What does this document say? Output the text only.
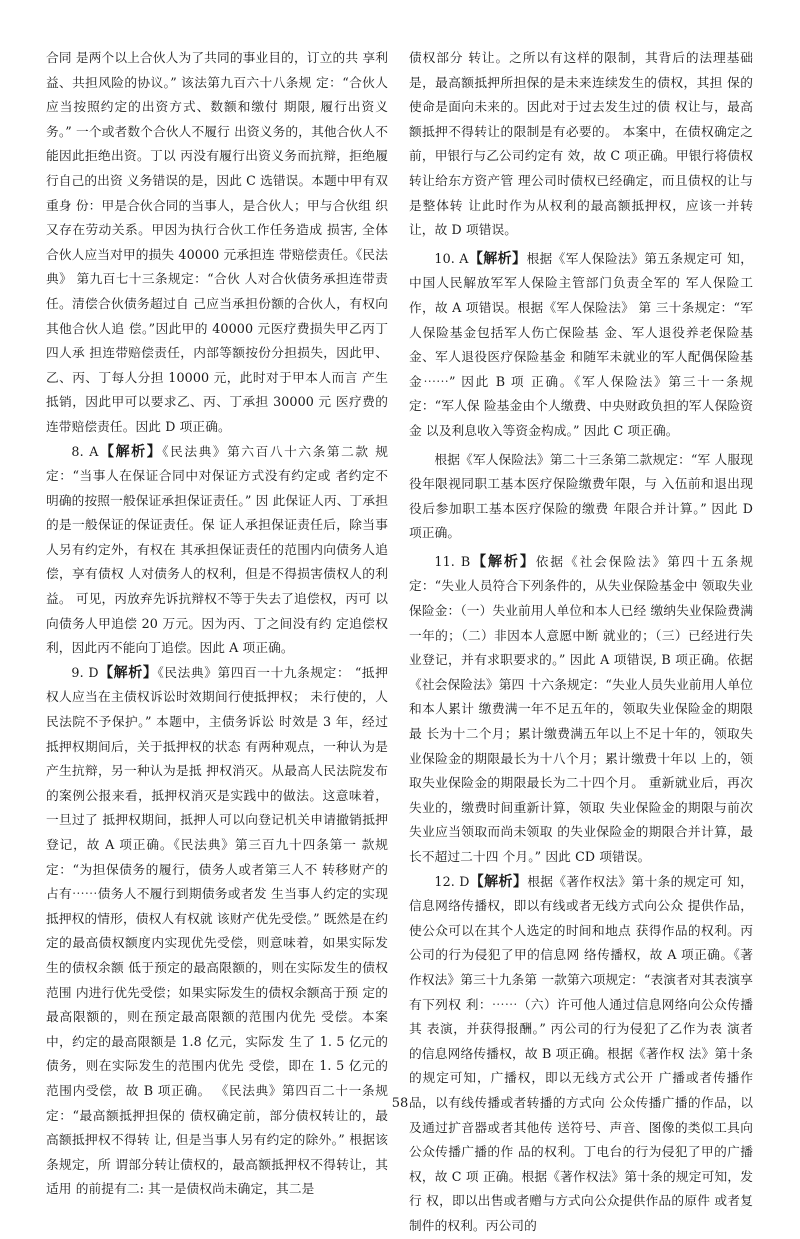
合同 是两个以上合伙人为了共同的事业目的，订立的共 享利益、共担风险的协议。” 该法第九百六十八条规 定：“合伙人应当按照约定的出资方式、数额和缴付 期限, 履行出资义务。” 一个或者数个合伙人不履行 出资义务的，其他合伙人不能因此拒绝出资。丁以 丙没有履行出资义务而抗辩，拒绝履行自己的出资 义务错误的是，因此 C 选错误。本题中甲有双重身 份：甲是合伙合同的当事人，是合伙人；甲与合伙组 织又存在劳动关系。甲因为执行合伙工作任务造成 损害, 全体合伙人应当对甲的损失 40000 元承担连 带赔偿责任。《民法典》 第九百七十三条规定：“合伙 人对合伙债务承担连带责任。清偿合伙债务超过自 己应当承担份额的合伙人，有权向其他合伙人追 偿。”因此甲的 40000 元医疗费损失甲乙丙丁四人承 担连带赔偿责任，内部等额按份分担损失，因此甲、 乙、丙、丁每人分担 10000 元，此时对于甲本人而言 产生抵销，因此甲可以要求乙、丙、丁承担 30000 元 医疗费的连带赔偿责任。因此 D 项正确。

8. A【解析】《民法典》第六百八十六条第二款 规定：“当事人在保证合同中对保证方式没有约定或 者约定不明确的按照一般保证承担保证责任。” 因 此保证人丙、丁承担的是一般保证的保证责任。保 证人承担保证责任后，除当事人另有约定外，有权在 其承担保证责任的范围内向债务人追偿，享有债权 人对债务人的权利，但是不得损害债权人的利益。 可见，丙放弃先诉抗辩权不等于失去了追偿权，丙可 以向债务人甲追偿 20 万元。因为丙、丁之间没有约 定追偿权利，因此丙不能向丁追偿。因此 A 项正确。

9. D【解析】《民法典》第四百一十九条规定： “抵押权人应当在主债权诉讼时效期间行使抵押权； 未行使的，人民法院不予保护。” 本题中，主债务诉讼 时效是 3 年，经过抵押权期间后，关于抵押权的状态 有两种观点，一种认为是产生抗辩，另一种认为是抵 押权消灭。从最高人民法院发布的案例公报来看，抵押权消灭是实践中的做法。这意味着，一旦过了 抵押权期间，抵押人可以向登记机关申请撤销抵押 登记，故 A 项正确。《民法典》第三百九十四条第一 款规定：“为担保债务的履行，债务人或者第三人不 转移财产的占有⋯⋯债务人不履行到期债务或者发 生当事人约定的实现抵押权的情形，债权人有权就 该财产优先受偿。” 既然是在约定的最高债权额度内实现优先受偿，则意味着，如果实际发生的债权余额 低于预定的最高限额的，则在实际发生的债权范围 内进行优先受偿；如果实际发生的债权余额高于预 定的最高限额的，则在预定最高限额的范围内优先 受偿。本案中，约定的最高限额是 1.8 亿元，实际发 生了 1. 5 亿元的债务，则在实际发生的范围内优先 受偿，即在 1. 5 亿元的范围内受偿，故 B 项正确。 《民法典》第四百二十一条规定：“最高额抵押担保的 债权确定前，部分债权转让的，最高额抵押权不得转 让, 但是当事人另有约定的除外。” 根据该条规定，所 谓部分转让债权的，最高额抵押权不得转让，其适用 的前提有二: 其一是债权尚未确定，其二是

债权部分 转让。之所以有这样的限制，其背后的法理基础是，最高额抵押所担保的是未来连续发生的债权，其担 保的使命是面向未来的。因此对于过去发生过的债 权让与，最高额抵押不得转让的限制是有必要的。 本案中，在债权确定之前，甲银行与乙公司约定有 效，故 C 项正确。甲银行将债权转让给东方资产管 理公司时债权已经确定，而且债权的让与是整体转 让此时作为从权利的最高额抵押权，应该一并转 让，故 D 项错误。

10. A【解析】根据《军人保险法》第五条规定可 知，中国人民解放军军人保险主管部门负责全军的 军人保险工作，故 A 项错误。根据《军人保险法》 第 三十条规定：“军人保险基金包括军人伤亡保险基 金、军人退役养老保险基金、军人退役医疗保险基金 和随军未就业的军人配偶保险基金⋯⋯” 因此 B 项 正确。《军人保险法》第三十一条规定：“军人保 险基金由个人缴费、中央财政负担的军人保险资金 以及利息收入等资金构成。” 因此 C 项正确。

根据《军人保险法》第二十三条第二款规定：“军 人服现役年限视同职工基本医疗保险缴费年限，与 入伍前和退出现役后参加职工基本医疗保险的缴费 年限合并计算。” 因此 D 项正确。

11. B【解析】依据《社会保险法》第四十五条规 定：“失业人员符合下列条件的，从失业保险基金中 领取失业保险金：（一）失业前用人单位和本人已经 缴纳失业保险费满一年的；（二）非因本人意愿中断 就业的；（三）已经进行失业登记，并有求职要求的。” 因此 A 项错误, B 项正确。依据《社会保险法》第四 十六条规定：“失业人员失业前用人单位和本人累计 缴费满一年不足五年的，领取失业保险金的期限最 长为十二个月；累计缴费满五年以上不足十年的，领取失业保险金的期限最长为十八个月；累计缴费十年以 上的，领取失业保险金的期限最长为二十四个月。 重新就业后，再次失业的，缴费时间重新计算，领取 失业保险金的期限与前次失业应当领取而尚未领取 的失业保险金的期限合并计算，最长不超过二十四 个月。” 因此 CD 项错误。

12. D【解析】根据《著作权法》第十条的规定可 知，信息网络传播权，即以有线或者无线方式向公众 提供作品，使公众可以在其个人选定的时间和地点 获得作品的权利。丙公司的行为侵犯了甲的信息网 络传播权，故 A 项正确。《著作权法》第三十九条第 一款第六项规定：“表演者对其表演享有下列权 利：⋯⋯（六）许可他人通过信息网络向公众传播其 表演，并获得报酬。” 丙公司的行为侵犯了乙作为表 演者的信息网络传播权，故 B 项正确。根据《著作权 法》第十条的规定可知，广播权，即以无线方式公开 广播或者传播作品，以有线传播或者转播的方式向 公众传播广播的作品，以及通过扩音器或者其他传 送符号、声音、图像的类似工具向公众传播广播的作 品的权利。丁电台的行为侵犯了甲的广播权，故 C 项 正确。根据《著作权法》第十条的规定可知，发行 权，即以出售或者赠与方式向公众提供作品的原件 或者复制件的权利。丙公司的

58
